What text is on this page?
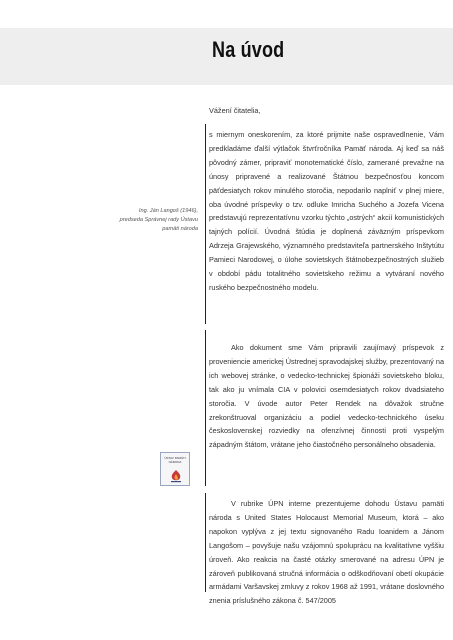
Na úvod
Ing. Ján Langoš (1946), predseda Správnej rady Ústavu pamäti národa
ÚSTAV PAMÄTI NÁRODA
Vážení čitatelia,

s miernym oneskorením, za ktoré prijmite naše ospravedlnenie, Vám predkladáme ďalší výtlačok štvrťročníka Pamäť národa. Aj keď sa náš pôvodný zámer, pripraviť monotematické číslo, zamerané prevažne na únosy pripravené a realizované Štátnou bezpečnosťou koncom päťdesiatych rokov minulého storočia, nepodarilo naplniť v plnej miere, oba úvodné príspevky o tzv. odluke Imricha Suchého a Jozefa Vicena predstavujú reprezentatívnu vzorku týchto „ostrých“ akcií komunistických tajných polícií. Úvodná štúdia je doplnená záväzným príspevkom Adrzeja Grajewského, významného predstaviteľa partnerského Inštytútu Pamieci Narodowej, o úlohe sovietskych štátnobezpečnostných služieb v období pádu totalitného sovietskeho režimu a vytváraní nového ruského bezpečnostného modelu.

Ako dokument sme Vám pripravili zaujímavý príspevok z proveniencie americkej Ústrednej spravodajskej služby, prezentovaný na ich webovej stránke, o vedecko-technickej špionáži sovietskeho bloku, tak ako ju vnímala CIA v polovici osemdesiatych rokov dvadsiateho storočia. V úvode autor Peter Rendek na dôvažok stručne zrekonštruoval organizáciu a podiel vedecko-technického úseku československej rozviedky na ofenzívnej činnosti proti vyspelým západným štátom, vrátane jeho čiastočného personálneho obsadenia.

V rubrike ÚPN interne prezentujeme dohodu Ústavu pamäti národa s United States Holocaust Memorial Museum, ktorá – ako napokon vyplýva z jej textu signovaného Radu Ioanidem a Jánom Langošom – povyšuje našu vzájomnú spoluprácu na kvalitatívne vyššiu úroveň. Ako reakcia na časté otázky smerované na adresu ÚPN je zároveň publikovaná stručná informácia o odškodňovaní obetí okupácie armádami Varšavskej zmluvy z rokov 1968 až 1991, vrátane doslovného znenia príslušného zákona č. 547/2005
